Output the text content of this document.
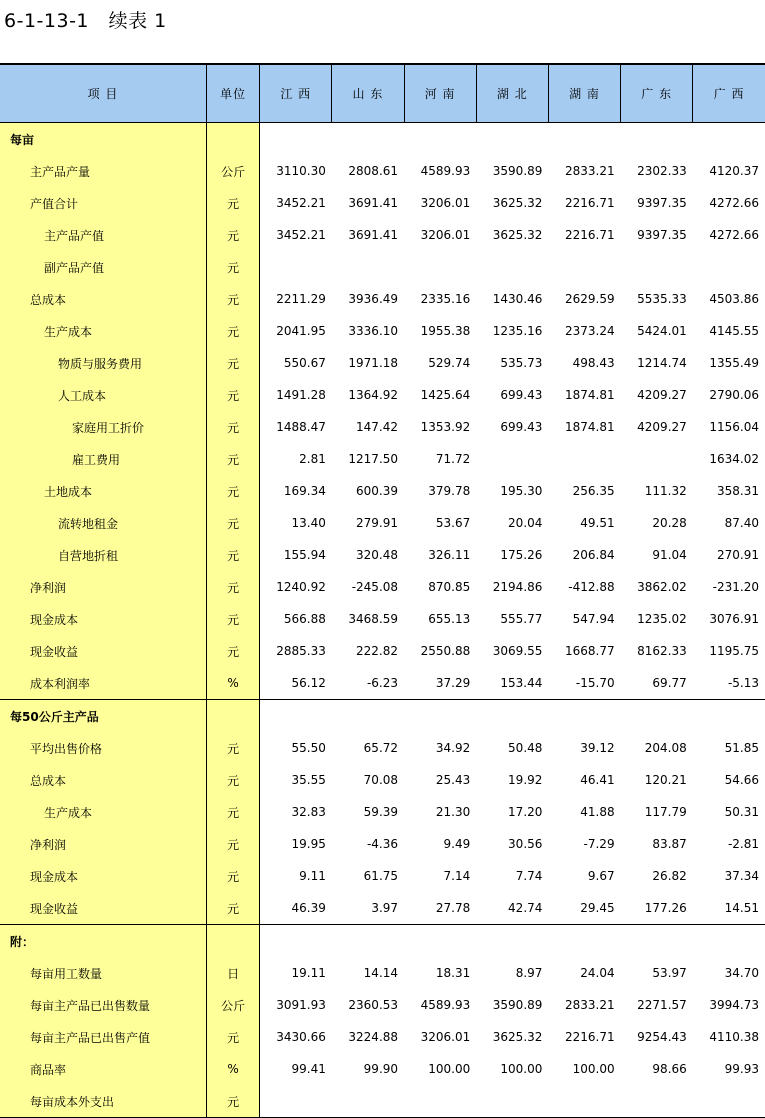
6-1-13-1   续表 1
项 目	单位	江 西	山 东	河 南	湖 北	湖 南	广 东	广 西
每亩								
主产品产量	公斤	3110.30	2808.61	4589.93	3590.89	2833.21	2302.33	4120.37
产值合计	元	3452.21	3691.41	3206.01	3625.32	2216.71	9397.35	4272.66
主产品产值	元	3452.21	3691.41	3206.01	3625.32	2216.71	9397.35	4272.66
副产品产值	元							
总成本	元	2211.29	3936.49	2335.16	1430.46	2629.59	5535.33	4503.86
生产成本	元	2041.95	3336.10	1955.38	1235.16	2373.24	5424.01	4145.55
物质与服务费用	元	550.67	1971.18	529.74	535.73	498.43	1214.74	1355.49
人工成本	元	1491.28	1364.92	1425.64	699.43	1874.81	4209.27	2790.06
家庭用工折价	元	1488.47	147.42	1353.92	699.43	1874.81	4209.27	1156.04
雇工费用	元	2.81	1217.50	71.72				1634.02
土地成本	元	169.34	600.39	379.78	195.30	256.35	111.32	358.31
流转地租金	元	13.40	279.91	53.67	20.04	49.51	20.28	87.40
自营地折租	元	155.94	320.48	326.11	175.26	206.84	91.04	270.91
净利润	元	1240.92	-245.08	870.85	2194.86	-412.88	3862.02	-231.20
现金成本	元	566.88	3468.59	655.13	555.77	547.94	1235.02	3076.91
现金收益	元	2885.33	222.82	2550.88	3069.55	1668.77	8162.33	1195.75
成本利润率	%	56.12	-6.23	37.29	153.44	-15.70	69.77	-5.13
每50公斤主产品								
平均出售价格	元	55.50	65.72	34.92	50.48	39.12	204.08	51.85
总成本	元	35.55	70.08	25.43	19.92	46.41	120.21	54.66
生产成本	元	32.83	59.39	21.30	17.20	41.88	117.79	50.31
净利润	元	19.95	-4.36	9.49	30.56	-7.29	83.87	-2.81
现金成本	元	9.11	61.75	7.14	7.74	9.67	26.82	37.34
现金收益	元	46.39	3.97	27.78	42.74	29.45	177.26	14.51
附：								
每亩用工数量	日	19.11	14.14	18.31	8.97	24.04	53.97	34.70
每亩主产品已出售数量	公斤	3091.93	2360.53	4589.93	3590.89	2833.21	2271.57	3994.73
每亩主产品已出售产值	元	3430.66	3224.88	3206.01	3625.32	2216.71	9254.43	4110.38
商品率	%	99.41	99.90	100.00	100.00	100.00	98.66	99.93
每亩成本外支出	元							
